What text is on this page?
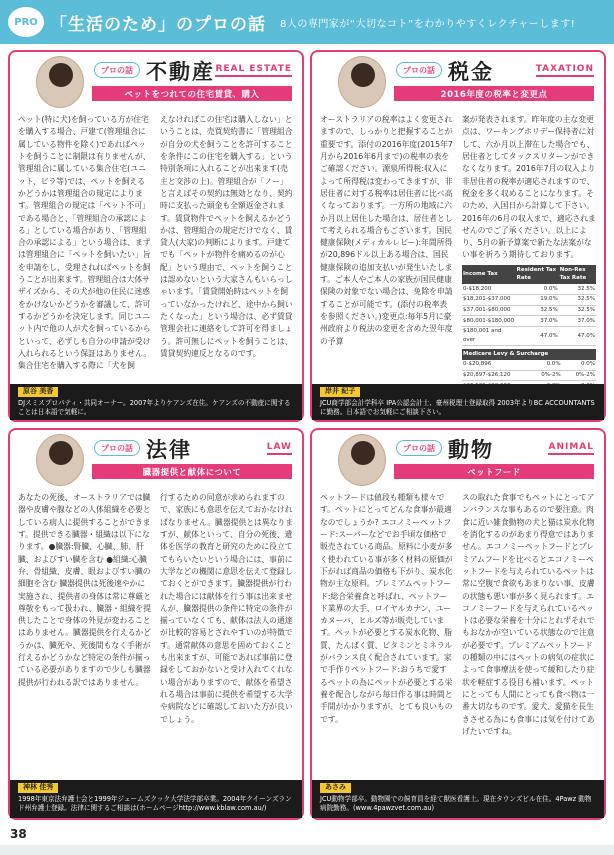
PRO 「生活のため」のプロの話 8人の専門家が“大切なコト”をわかりやすくレクチャーします!
プロの話 不動産 REAL ESTATE
ペットをつれての住宅賃貸、購入
ペット(特に犬)を飼っている方が住宅を購入する場合、戸建て(管理組合に属している物件を除く)であればペットを飼うことに制限は有りませんが、管理組合に属している集合住宅(ユニット、ビラ等)では、ペットを飼えるかどうかは管理組合の規定によります。管理組合の規定は「ペット不可」である場合と、「管理組合の承認による」としている場合があり、「管理組合の承認による」という場合は、まずは管理組合に「ペットを飼いたい」旨を申請をし、受理されればペットを飼うことが出来ます。管理組合は大体サザイズから、その犬が他の住民に迷惑をかけないかどうかを審議して、許可するかどうかを決定します。同じユニット内で他の人が犬を飼っているからといって、必ずしも自分の申請が受け入れられるという保証はありません。集合住宅を購入する際に「犬を飼
えなければこの住宅は購入しない」ということは、売買契約書に「管理組合が自分の犬を飼うことを許可することを条件にこの住宅を購入する」という特別条項に入れることが出来ます(売主と交渉の上)。管理組合が「ノー」と言えばその契約は無効となり、契約時に支払った頭金も全額返金されます。賃貸物件でペットを飼えるかどうかは、管理組合の規定だけでなく、賃貸人(大家)の判断によります。戸建てでも「ペットが物件を痛めるのが心配」という理由で、ペットを飼うことは認めないという大家さんもいらっしゃいます。「賃貸開始時はペットを飼っていなかったけれど、途中から飼いたくなった」という場合は、必ず賃貸管理会社に連絡をして許可を得ましょう。許可無しにペットを飼うことは、賃貸契約違反となるのです。
原谷 美香
DJスミスプロパティ・共同オーナー。2007年よりケアンズ在住。ケアンズの不動産に関することは日本語で気軽に。
プロの話 税金	TAXATION
2016年度の税率と変更点
オーストラリアの税率はよく変更されますので、しっかりと把握することが重要です。添付の2016年度(2015年7月から2016年6月まで)の税率の表をご確認ください。源泉所得税:収入によって所得税は変わってきますが、非居住者に対する税率は居住者に比べ高くなっております。一方所の地域に六か月以上居住した場合は、居住者として考えられる場合もございます。国民健康保険(メディカルレビー):年間所得が20,896ドル以上ある場合は、国民健康保険の追加支払いが発生いたします。ご本人やご本人の家族が国民健康保険の対象でない場合は、免除を申請することが可能です。(添付の税率表を参照ください。)変更点:毎年5月に豪州政府より税法の変更を含めた翌年度の予算

案が発表されます。昨年度の主な変更点は、ワーキングホリデー保持者に対して、六か月以上滞在した場合でも、居住者としてタックスリターンができなくなります。2016年7月の収入より非居住者の税率が適応されますので、税金を多く収めることになります。そのため、入国日から計算して下さい。2016年の6月の収入まで、適応されませんのでご了承ください。以上により、5月の新予算案で新たな法案がない事を祈ろう期待しております。

Income Tax	Resident Tax Rate	Non-Res Tax Rate
0-$18,200	0.0%	32.5%
$18,201-$37,000	19.0%	32.5%
$37,001-$80,000	32.5%	32.5%
$80,001-$180,000	37.0%	37.0%
$180,001 and over	47.0%	47.0%
Medicare Levy & Surcharge		
0-$20,896	0.0%	0.0%
$20,897-$26,120	0%-2%	0%-2%

岸井 紀子
JCU商学部会計学科卒 IPA公認会計士、豪州税理士登録取得 2003年よりBC ACCOUNTANTSに勤務。日本語でお気軽にご相談下さい。
プロの話 法律	LAW
臓器提供と献体について
あなたの死後、オーストラリアでは臓器や皮膚や腺などの人体組織を必要としている病人に提供することができます。提供できる臓器・組織は以下になります。●臓器:腎臓、心臓、肺、肝臓、およびすい臓を含む ●組織:心臓弁、骨組織、皮膚、眼およびすい臓の細胞を含む 臓器提供は死後速やかに実施され、提供者の身体は常に尊厳と尊敬をもって扱われ、臓器・組織を提供したことで身体の外見が変わることはありません。臓器提供を行えるかどうかは、臓死や、死後間もなく手術が行えるかどうかなど特定の条件が揃っている必要がありますので少しも臓器提供が行われる訳ではありません。
行するための同意が求められますので、家族にも意思を伝えておかなければなりません。臓器提供とは異なりますが、献体といって、自分の死後、遺体を医学の教育と研究のために役立ててもらいたいという場合には、事前に大学などの機関に意思を伝えて登録しておくとができます。臓器提供が行われた場合には献体を行う事は出来ませんが、臓器提供の条件に特定の条件が揃っていなくても、献体は法人の通達が比較的容易とされやすいのが特徴です。通常献体の意思を固めておくことも出来ますが、可能であれば事前に登録をしておかないと受け入れてくれない場合がありますので、献体を希望される場合は事前に提供を希望する大学や病院などに確認しておいた方が良いでしょう。
神林 佳秀
1998年東京法弁護士会と1999年ジェームズクック大学法学部卒業。2004年クイーンズランド州弁護士登録。法律に関するご相談は(ホームページhttp://www.kblaw.com.au/)
プロの話 動物	ANIMAL
ペットフード
ペットフードは値段も種類も様々です。ペットにとってどんな食事が最適なのでしょうか? エコノミーペットフード:スーパーなどでお手頃な価格で販売されている商品。原料に小麦が多く使われている事が多く材料の原価が下がれば商品の価格も下がり、炭水化物が主な原料。プレミアムペットフード:総合栄養食と呼ばれ、ペットフード業界の大手、ロイヤルカナン、ユーカヌーバ、ヒルズ等が販売しています。ペットが必要とする炭水化物、脂質、たんぱく質、ビタミンとミネラルがバランス良く配合されています。家で手作りペットフード:おうちで愛するペットの為にペットが必要とする栄養を配合しながら毎日作る事は時間と手間がかかりますが、とても良いものです。
スの取れた食事でもペットにとってアンバランスな事もあるので要注意。肉食に近い雑食動物の犬と猫は炭水化物を消化するのがあまり得意ではありません。エコノミーペットフードとプレミアムフードを比べるとエコノミーペットフードを与えられているペットは常に空腹で食欲もあまりない事、皮膚の状態も悪い事が多く見られます。エコノミーフードを与えられているペットは必要な栄養を十分にとれずそれでもおなかが空いている状態なので注意が必要です。プレミアムペットフードの種類の中にはペットの病気の症状によって食事療法を使って緩和したり症状を軽症する役目も補います。ペットにとっても人間にとっても食べ物は一番大切なものです。愛犬、愛猫を長生きさせる為にも食事には気を付けてあげたいですね。
あさみ
JCU動物学部卒。動物園での飼育員を経て獣医看護士。現在タウンズビル在住。4Pawz 動物病院勤務。(www.4pawzvet.com.au)
38
